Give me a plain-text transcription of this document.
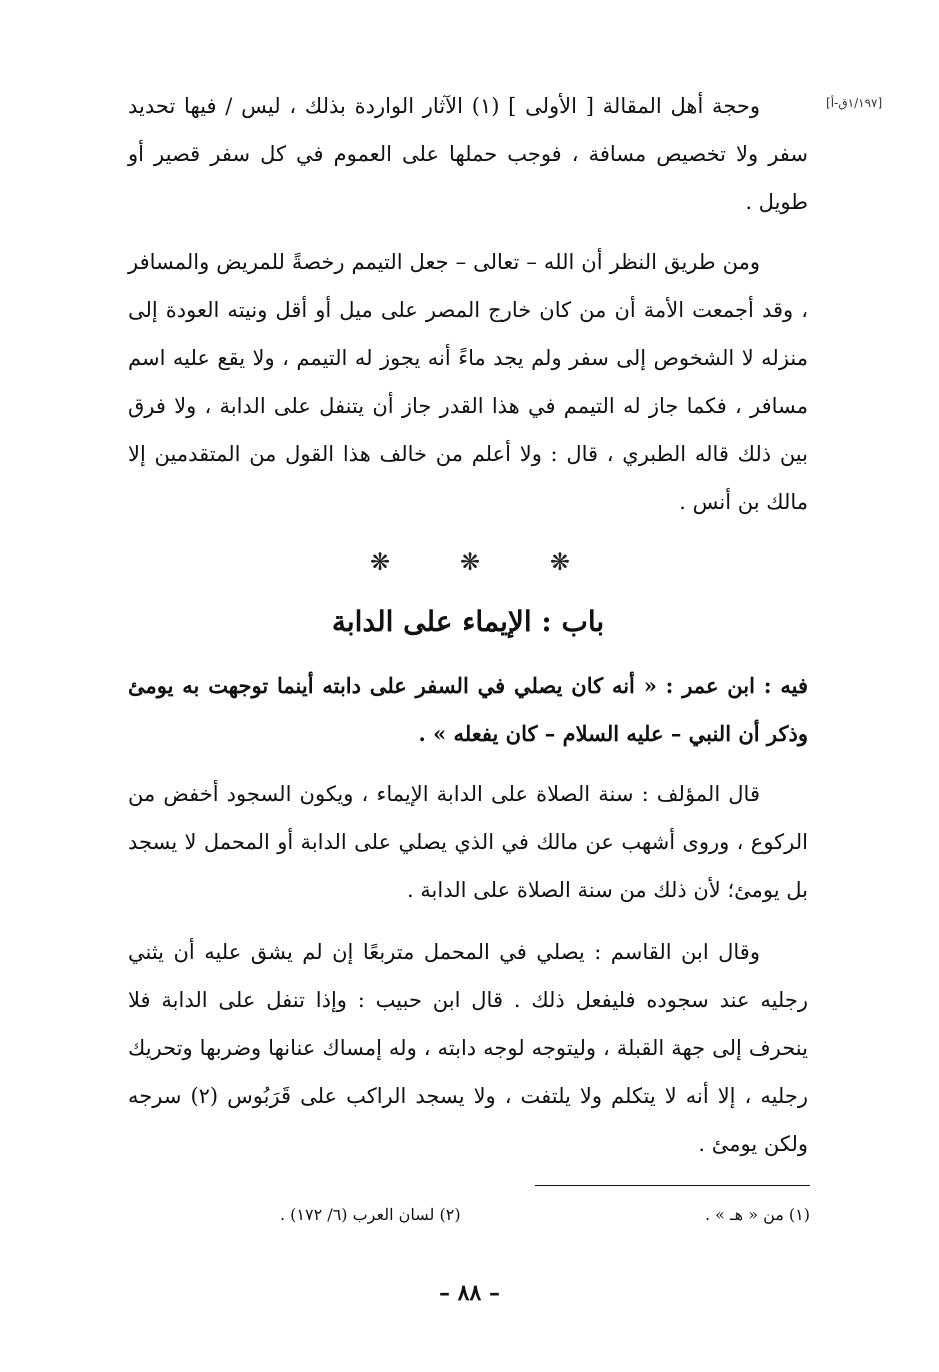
[١/١٩٧ق-أ]

وحجة أهل المقالة [ الأولى ] (١) الآثار الواردة بذلك ، ليس / فيها تحديد سفر ولا تخصيص مسافة ، فوجب حملها على العموم في كل سفر قصير أو طويل .

ومن طريق النظر أن الله – تعالى – جعل التيمم رخصةً للمريض والمسافر ، وقد أجمعت الأمة أن من كان خارج المصر على ميل أو أقل ونيته العودة إلى منزله لا الشخوص إلى سفر ولم يجد ماءً أنه يجوز له التيمم ، ولا يقع عليه اسم مسافر ، فكما جاز له التيمم في هذا القدر جاز أن يتنفل على الدابة ، ولا فرق بين ذلك قاله الطبري ، قال : ولا أعلم من خالف هذا القول من المتقدمين إلا مالك بن أنس .

❋	❋	❋
باب : الإيماء على الدابة

فيه : ابن عمر : « أنه كان يصلي في السفر على دابته أينما توجهت به يومئ وذكر أن النبي – عليه السلام – كان يفعله » .

قال المؤلف : سنة الصلاة على الدابة الإيماء ، ويكون السجود أخفض من الركوع ، وروى أشهب عن مالك في الذي يصلي على الدابة أو المحمل لا يسجد بل يومئ؛ لأن ذلك من سنة الصلاة على الدابة .

وقال ابن القاسم : يصلي في المحمل متربعًا إن لم يشق عليه أن يثني رجليه عند سجوده فليفعل ذلك . قال ابن حبيب : وإذا تنفل على الدابة فلا ينحرف إلى جهة القبلة ، وليتوجه لوجه دابته ، وله إمساك عنانها وضربها وتحريك رجليه ، إلا أنه لا يتكلم ولا يلتفت ، ولا يسجد الراكب على قَرَبُوس (٢) سرجه ولكن يومئ .

(١) من « هـ » .
(٢) لسان العرب (٦/ ١٧٢) .
– ٨٨ –
